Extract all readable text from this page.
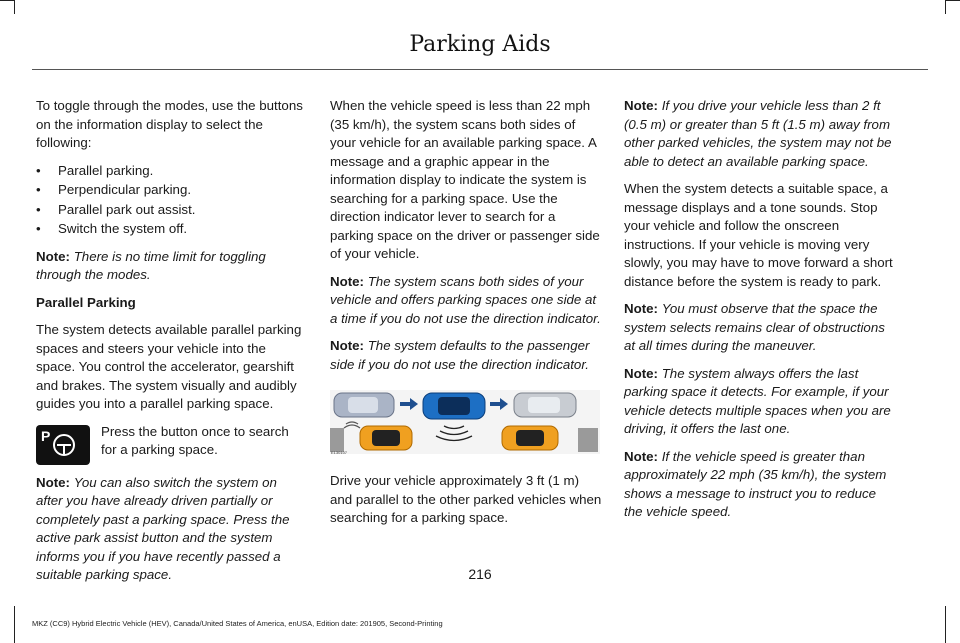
Parking Aids

To toggle through the modes, use the buttons on the information display to select the following:

• Parallel parking.
• Perpendicular parking.
• Parallel park out assist.
• Switch the system off.

Note: There is no time limit for toggling through the modes.

Parallel Parking

The system detects available parallel parking spaces and steers your vehicle into the space. You control the accelerator, gearshift and brakes. The system visually and audibly guides you into a parallel parking space.

P	Press the button once to search for a parking space.

Note: You can also switch the system on after you have already driven partially or completely past a parking space. Press the active park assist button and the system informs you if you have recently passed a suitable parking space.

When the vehicle speed is less than 22 mph (35 km/h), the system scans both sides of your vehicle for an available parking space. A message and a graphic appear in the information display to indicate the system is searching for a parking space. Use the direction indicator lever to search for a parking space on the driver or passenger side of your vehicle.

Note: The system scans both sides of your vehicle and offers parking spaces one side at a time if you do not use the direction indicator.

Note: The system defaults to the passenger side if you do not use the direction indicator.

E130107

Drive your vehicle approximately 3 ft (1 m) and parallel to the other parked vehicles when searching for a parking space.

Note: If you drive your vehicle less than 2 ft (0.5 m) or greater than 5 ft (1.5 m) away from other parked vehicles, the system may not be able to detect an available parking space.

When the system detects a suitable space, a message displays and a tone sounds. Stop your vehicle and follow the onscreen instructions. If your vehicle is moving very slowly, you may have to move forward a short distance before the system is ready to park.

Note: You must observe that the space the system selects remains clear of obstructions at all times during the maneuver.

Note: The system always offers the last parking space it detects. For example, if your vehicle detects multiple spaces when you are driving, it offers the last one.

Note: If the vehicle speed is greater than approximately 22 mph (35 km/h), the system shows a message to instruct you to reduce the vehicle speed.

216
MKZ (CC9) Hybrid Electric Vehicle (HEV), Canada/United States of America, enUSA, Edition date: 201905, Second-Printing
